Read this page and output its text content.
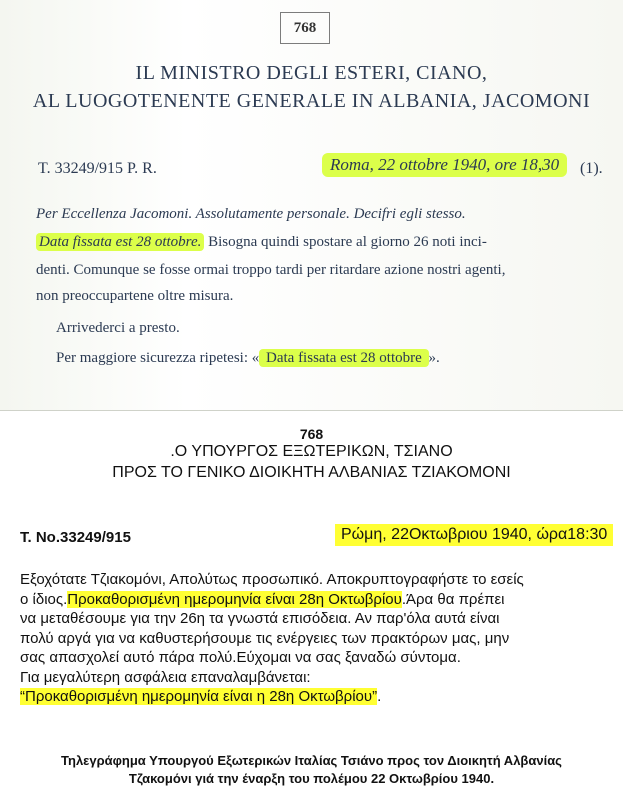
768
IL MINISTRO DEGLI ESTERI, CIANO,
AL LUOGOTENENTE GENERALE IN ALBANIA, JACOMONI
T. 33249/915 P. R.	Roma, 22 ottobre 1940, ore 18,30	(1).
Per Eccellenza Jacomoni. Assolutamente personale. Decifri egli stesso.
Data fissata est 28 ottobre. Bisogna quindi spostare al giorno 26 noti inci-
denti. Comunque se fosse ormai troppo tardi per ritardare azione nostri agenti,
non preoccupartene oltre misura.
Arrivederci a presto.
Per maggiore sicurezza ripetesi: « Data fissata est 28 ottobre ».
768
.Ο ΥΠΟΥΡΓΟΣ ΕΞΩΤΕΡΙΚΩΝ, ΤΣΙΑΝΟ
ΠΡΟΣ ΤΟ ΓΕΝΙΚΟ ΔΙΟΙΚΗΤΗ ΑΛΒΑΝΙΑΣ ΤΖΙΑΚΟΜΟΝΙ
Τ. Νο.33249/915	Ρώμη, 22Οκτωβριου 1940, ώρα18:30
Εξοχότατε Τζιακομόνι, Απολύτως προσωπικό. Αποκρυπτογραφήστε το εσείς
ο ίδιος.Προκαθορισμένη ημερομηνία είναι 28η Οκτωβρίου.Άρα θα πρέπει
να μεταθέσουμε για την 26η τα γνωστά επισόδεια. Αν παρ'όλα αυτά είναι
πολύ αργά για να καθυστερήσουμε τις ενέργειες των πρακτόρων μας, μην
σας απασχολεί αυτό πάρα πολύ.Εύχομαι να σας ξαναδώ σύντομα.
Για μεγαλύτερη ασφάλεια επαναλαμβάνεται:
“Προκαθορισμένη ημερομηνία είναι η 28η Οκτωβρίου”.
Τηλεγράφημα Υπουργού Εξωτερικών Ιταλίας Τσιάνο προς τον Διοικητή Αλβανίας
Τζακομόνι γιά την έναρξη του πολέμου 22 Οκτωβρίου 1940.
